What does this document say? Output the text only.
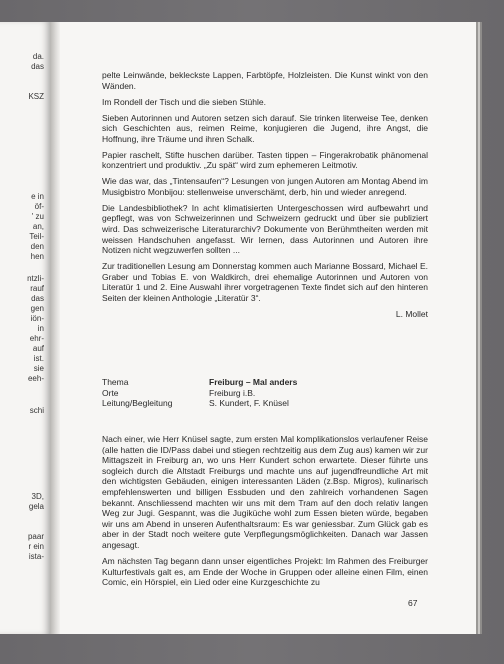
da.
das
KSZ
e in
öf-
' zu
an,
Teil-
den
hen
ntzli-
rauf
das
gen
iön-
in
ehr-
auf
ist.
sie
eeh-
schi
3D,
gela
paar
r ein
ista-

pelte Leinwände, bekleckste Lappen, Farbtöpfe, Holzleisten. Die Kunst winkt von den Wänden.

Im Rondell der Tisch und die sieben Stühle.

Sieben Autorinnen und Autoren setzen sich darauf. Sie trinken literweise Tee, denken sich Geschichten aus, reimen Reime, konjugieren die Jugend, ihre Angst, die Hoffnung, ihre Träume und ihren Schalk.

Papier raschelt, Stifte huschen darüber. Tasten tippen – Fingerakrobatik phänomenal konzentriert und produktiv. „Zu spät“ wird zum ephemeren Leitmotiv.

Wie das war, das „Tintensaufen“? Lesungen von jungen Autoren am Montag Abend im Musigbistro Monbijou: stellenweise unverschämt, derb, hin und wieder anregend.

Die Landesbibliothek? In acht klimatisierten Untergeschossen wird aufbewahrt und gepflegt, was von Schweizerinnen und Schweizern gedruckt und über sie publiziert wird. Das schweizerische Literaturarchiv? Dokumente von Berühmtheiten werden mit weissen Handschuhen angefasst. Wir lernen, dass Autorinnen und Autoren ihre Notizen nicht wegzuwerfen sollten ...

Zur traditionellen Lesung am Donnerstag kommen auch Marianne Bossard, Michael E. Graber und Tobias E. von Waldkirch, drei ehemalige Autorinnen und Autoren von Literatür 1 und 2. Eine Auswahl ihrer vorgetragenen Texte findet sich auf den hinteren Seiten der kleinen Anthologie „Literatür 3“.

L. Mollet

Thema	Freiburg – Mal anders
Orte	Freiburg i.B.
Leitung/Begleitung	S. Kundert, F. Knüsel

Nach einer, wie Herr Knüsel sagte, zum ersten Mal komplikationslos verlaufener Reise (alle hatten die ID/Pass dabei und stiegen rechtzeitig aus dem Zug aus) kamen wir zur Mittagszeit in Freiburg an, wo uns Herr Kundert schon erwartete. Dieser führte uns sogleich durch die Altstadt Freiburgs und machte uns auf jugendfreundliche Art mit den wichtigsten Gebäuden, einigen interessanten Läden (z.Bsp. Migros), kulinarisch empfehlenswerten und billigen Essbuden und den zahlreich vorhandenen Sagen bekannt. Anschliessend machten wir uns mit dem Tram auf den doch relativ langen Weg zur Jugi. Gespannt, was die Jugiküche wohl zum Essen bieten würde, begaben wir uns am Abend in unseren Aufenthaltsraum: Es war geniessbar. Zum Glück gab es aber in der Stadt noch weitere gute Verpflegungsmöglichkeiten. Danach war Jassen angesagt.

Am nächsten Tag begann dann unser eigentliches Projekt: Im Rahmen des Freiburger Kulturfestivals galt es, am Ende der Woche in Gruppen oder alleine einen Film, einen Comic, ein Hörspiel, ein Lied oder eine Kurzgeschichte zu

67
